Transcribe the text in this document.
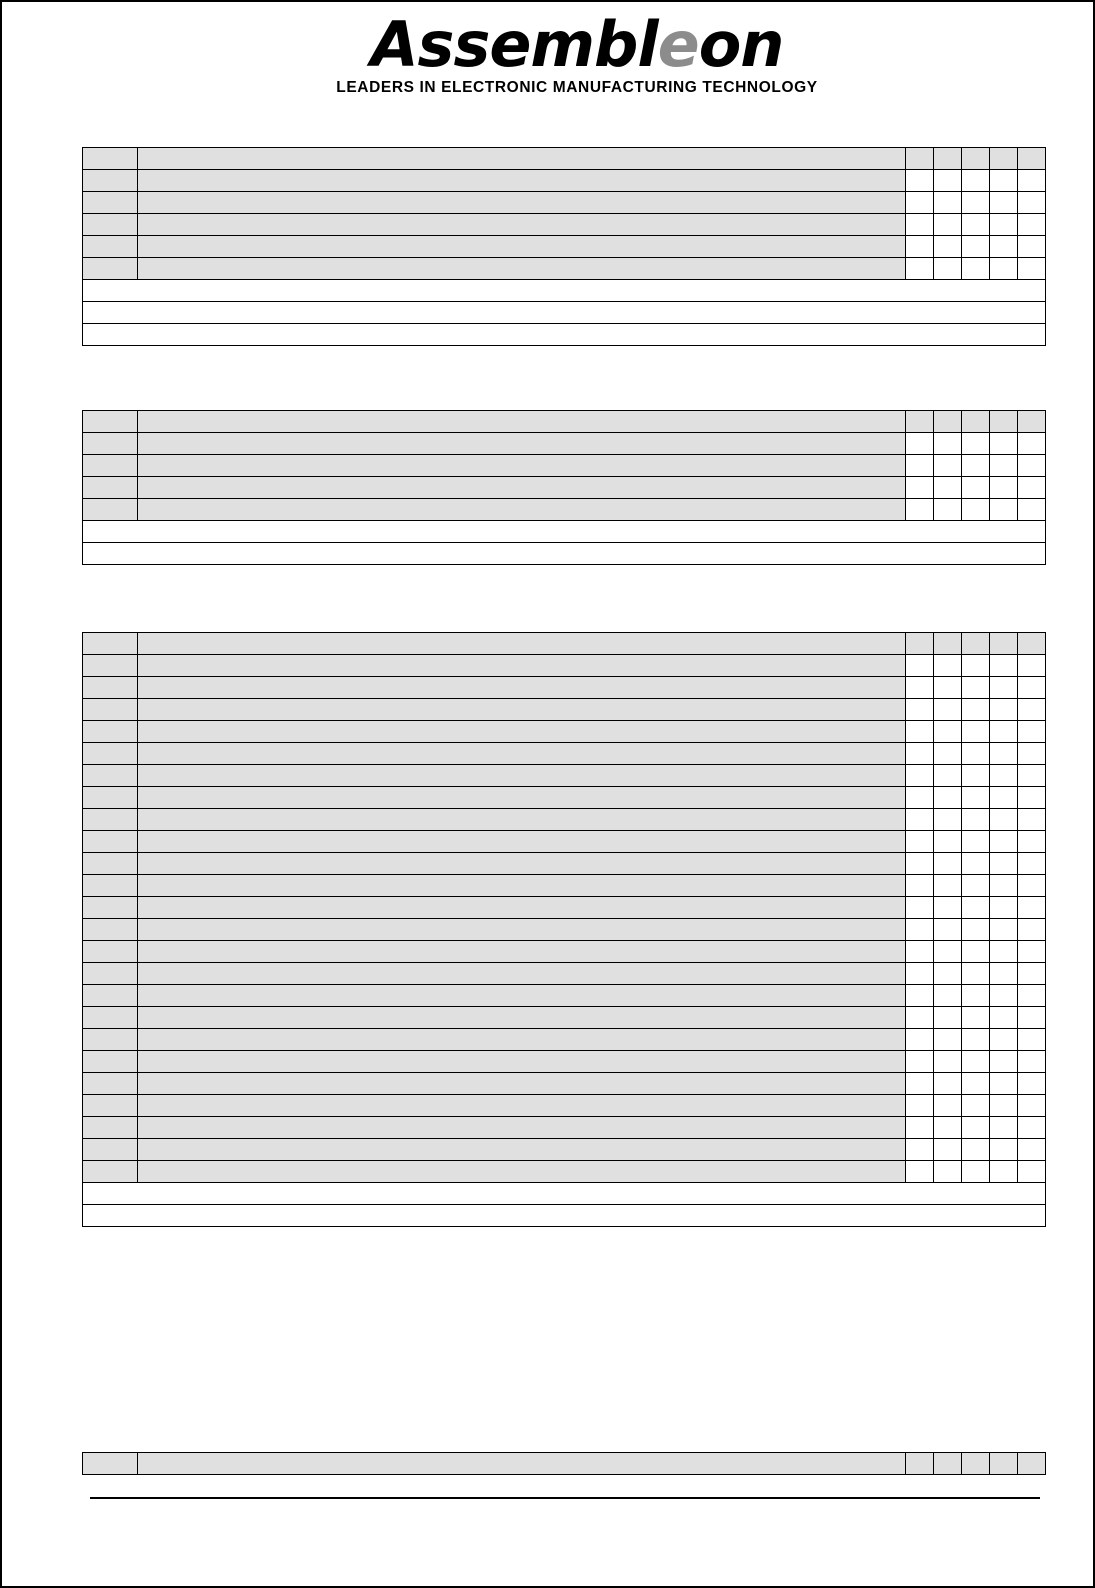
Assembleon
LEADERS IN ELECTRONIC MANUFACTURING TECHNOLOGY
